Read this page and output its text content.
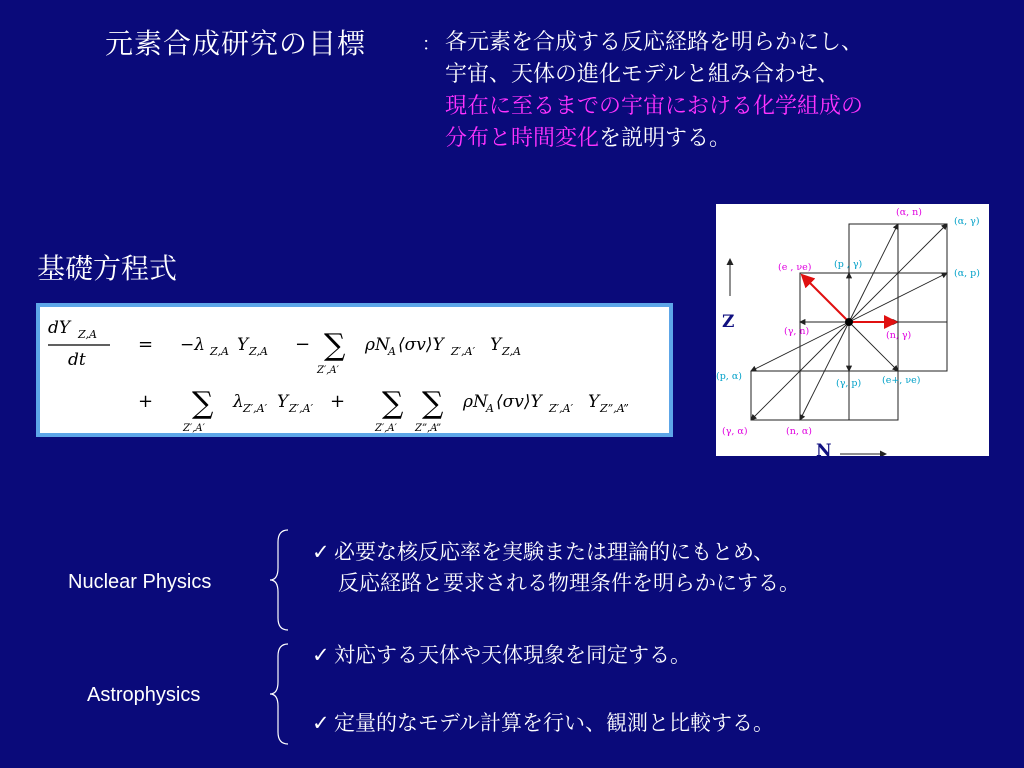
元素合成研究の目標	： 各元素を合成する反応経路を明らかにし、
宇宙、天体の進化モデルと組み合わせ、
現在に至るまでの宇宙における化学組成の
分布と時間変化を説明する。
基礎方程式
dY Z,A
dt
= −λ Z,A Y Z,A − ∑
Z′,A′
ρN
A ⟨σv⟩Y Z′,A′ Y Z,A
+ ∑
Z′,A′
λ Z′,A′ Y Z′,A′ + ∑
Z′,A′
∑
Z”,A”
ρN
A ⟨σv⟩Y Z′,A′ Y Z”,A”
Z
N
(α, n)
(α, γ)
(p , γ)
(e , νe)
(α, p)
(γ, n)	(n, γ)
(p, α)
(γ, p) (e+, νe)
(γ, α)	(n, α)
Nuclear Physics
Astrophysics
✓ 必要な核反応率を実験または理論的にもとめ、
反応経路と要求される物理条件を明らかにする。
✓ 対応する天体や天体現象を同定する。
✓ 定量的なモデル計算を行い、観測と比較する。
